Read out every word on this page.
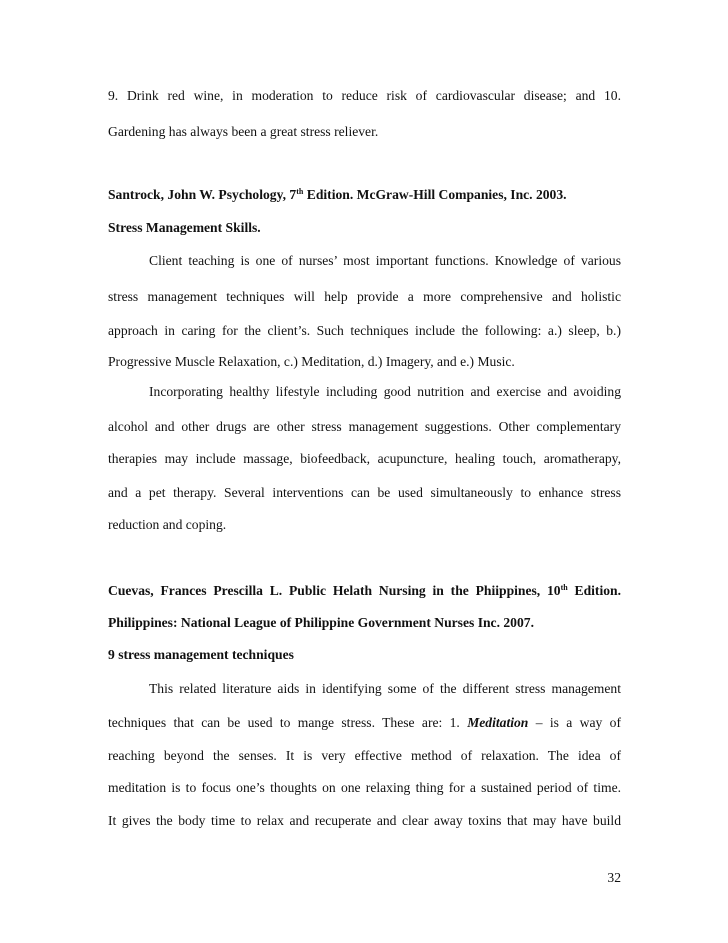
9. Drink red wine, in moderation to reduce risk of cardiovascular disease; and 10.
Gardening has always been a great stress reliever.
Santrock, John W. Psychology, 7th Edition. McGraw-Hill Companies, Inc. 2003.
Stress Management Skills.
Client teaching is one of nurses’ most important functions. Knowledge of various
stress management techniques will help provide a more comprehensive and holistic
approach in caring for the client’s. Such techniques include the following: a.) sleep, b.)
Progressive Muscle Relaxation, c.) Meditation, d.) Imagery, and e.) Music.
Incorporating healthy lifestyle including good nutrition and exercise and avoiding
alcohol and other drugs are other stress management suggestions. Other complementary
therapies may include massage, biofeedback, acupuncture, healing touch, aromatherapy,
and a pet therapy. Several interventions can be used simultaneously to enhance stress
reduction and coping.
Cuevas, Frances Prescilla L. Public Helath Nursing in the Phiippines, 10th Edition.
Philippines: National League of Philippine Government Nurses Inc. 2007.
9 stress management techniques
This related literature aids in identifying some of the different stress management
techniques that can be used to mange stress. These are: 1. Meditation – is a way of
reaching beyond the senses. It is very effective method of relaxation. The idea of
meditation is to focus one’s thoughts on one relaxing thing for a sustained period of time.
It gives the body time to relax and recuperate and clear away toxins that may have build
32
